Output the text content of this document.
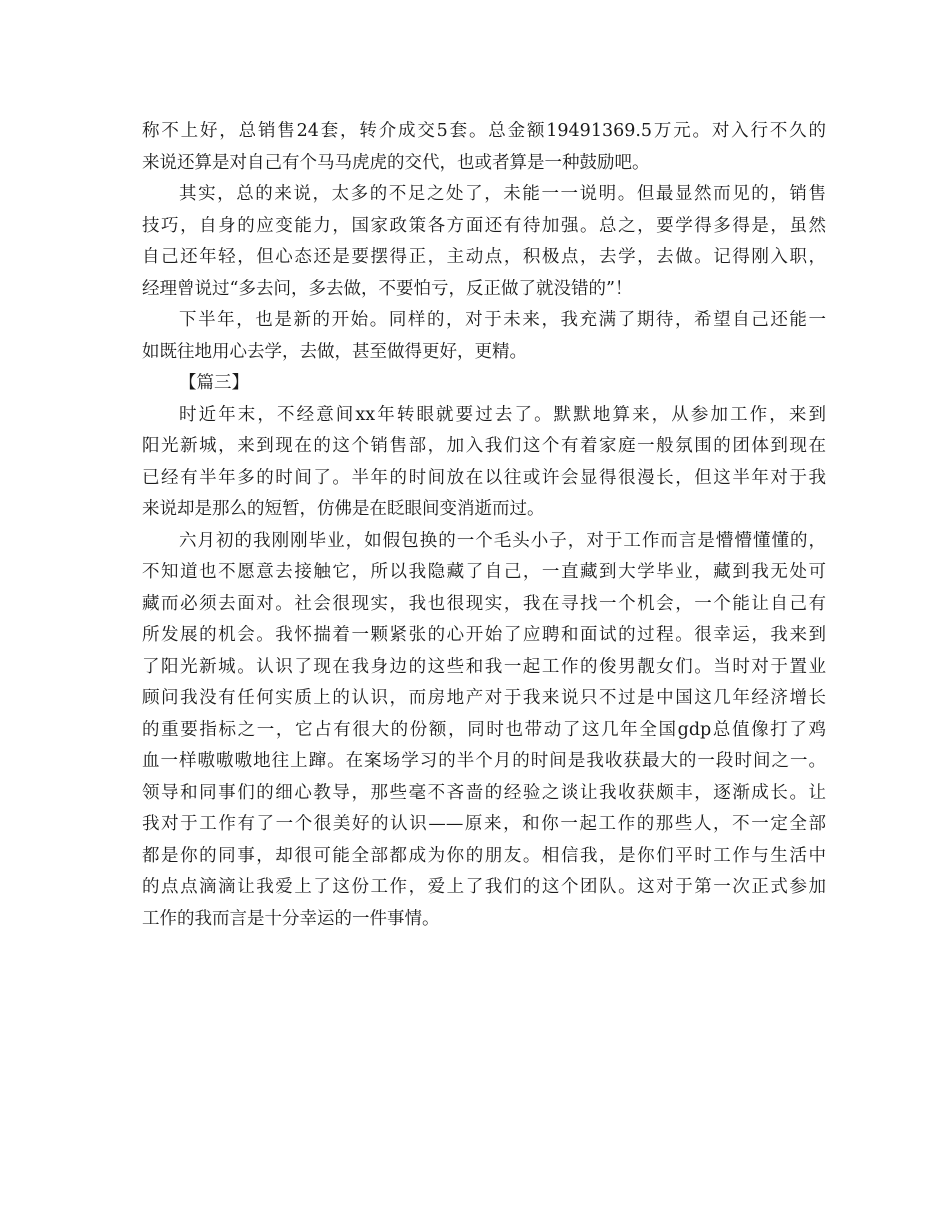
称不上好，总销售24套，转介成交5套。总金额19491369.5万元。对入行不久的
来说还算是对自己有个马马虎虎的交代，也或者算是一种鼓励吧。
其实，总的来说，太多的不足之处了，未能一一说明。但最显然而见的，销售
技巧，自身的应变能力，国家政策各方面还有待加强。总之，要学得多得是，虽然
自己还年轻，但心态还是要摆得正，主动点，积极点，去学，去做。记得刚入职，
经理曾说过“多去问，多去做，不要怕亏，反正做了就没错的”！
下半年，也是新的开始。同样的，对于未来，我充满了期待，希望自己还能一
如既往地用心去学，去做，甚至做得更好，更精。
【篇三】
时近年末，不经意间xx年转眼就要过去了。默默地算来，从参加工作，来到
阳光新城，来到现在的这个销售部，加入我们这个有着家庭一般氛围的团体到现在
已经有半年多的时间了。半年的时间放在以往或许会显得很漫长，但这半年对于我
来说却是那么的短暂，仿佛是在眨眼间变消逝而过。
六月初的我刚刚毕业，如假包换的一个毛头小子，对于工作而言是懵懵懂懂的，
不知道也不愿意去接触它，所以我隐藏了自己，一直藏到大学毕业，藏到我无处可
藏而必须去面对。社会很现实，我也很现实，我在寻找一个机会，一个能让自己有
所发展的机会。我怀揣着一颗紧张的心开始了应聘和面试的过程。很幸运，我来到
了阳光新城。认识了现在我身边的这些和我一起工作的俊男靓女们。当时对于置业
顾问我没有任何实质上的认识，而房地产对于我来说只不过是中国这几年经济增长
的重要指标之一，它占有很大的份额，同时也带动了这几年全国gdp总值像打了鸡
血一样嗷嗷嗷地往上蹿。在案场学习的半个月的时间是我收获最大的一段时间之一。
领导和同事们的细心教导，那些毫不吝啬的经验之谈让我收获颇丰，逐渐成长。让
我对于工作有了一个很美好的认识——原来，和你一起工作的那些人，不一定全部
都是你的同事，却很可能全部都成为你的朋友。相信我，是你们平时工作与生活中
的点点滴滴让我爱上了这份工作，爱上了我们的这个团队。这对于第一次正式参加
工作的我而言是十分幸运的一件事情。
